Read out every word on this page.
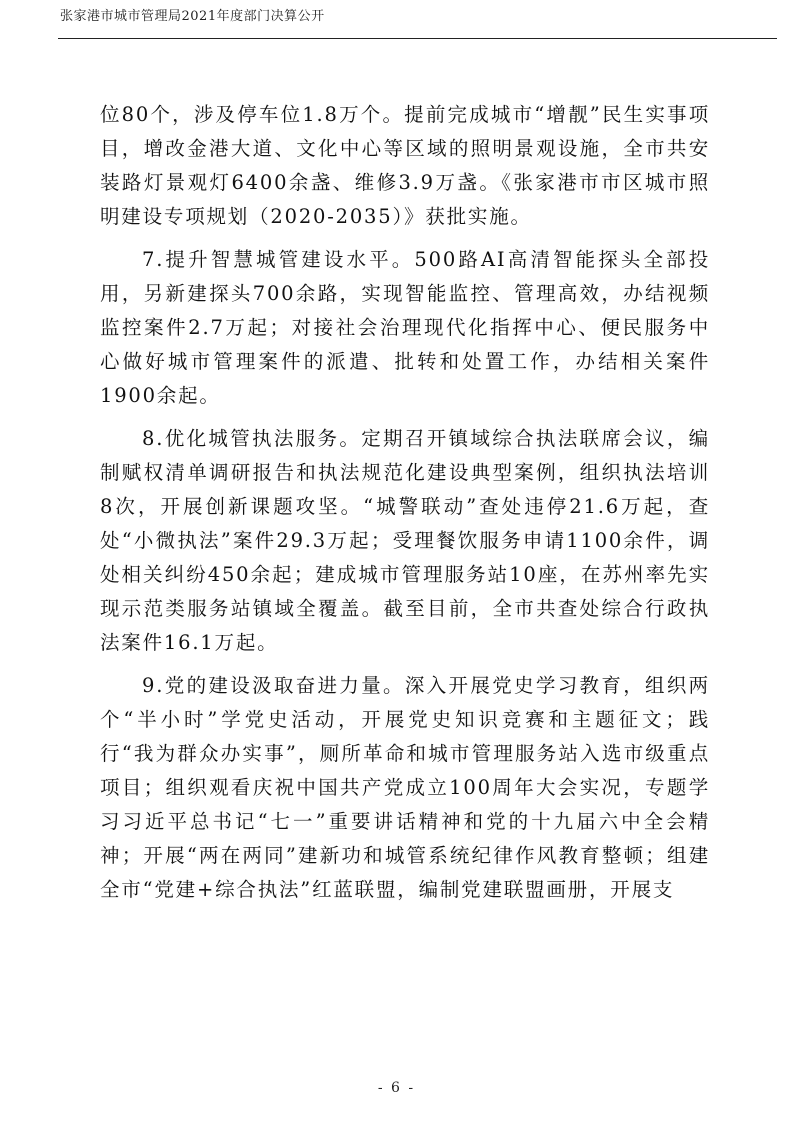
张家港市城市管理局2021年度部门决算公开

位80个，涉及停车位1.8万个。提前完成城市“增靓”民生实事项目，增改金港大道、文化中心等区域的照明景观设施，全市共安装路灯景观灯6400余盏、维修3.9万盏。《张家港市市区城市照明建设专项规划（2020-2035）》获批实施。

7.提升智慧城管建设水平。500路AI高清智能探头全部投用，另新建探头700余路，实现智能监控、管理高效，办结视频监控案件2.7万起；对接社会治理现代化指挥中心、便民服务中心做好城市管理案件的派遣、批转和处置工作，办结相关案件1900余起。

8.优化城管执法服务。定期召开镇域综合执法联席会议，编制赋权清单调研报告和执法规范化建设典型案例，组织执法培训8次，开展创新课题攻坚。“城警联动”查处违停21.6万起，查处“小微执法”案件29.3万起；受理餐饮服务申请1100余件，调处相关纠纷450余起；建成城市管理服务站10座，在苏州率先实现示范类服务站镇域全覆盖。截至目前，全市共查处综合行政执法案件16.1万起。

9.党的建设汲取奋进力量。深入开展党史学习教育，组织两个“半小时”学党史活动，开展党史知识竞赛和主题征文；践行“我为群众办实事”，厕所革命和城市管理服务站入选市级重点项目；组织观看庆祝中国共产党成立100周年大会实况，专题学习习近平总书记“七一”重要讲话精神和党的十九届六中全会精神；开展“两在两同”建新功和城管系统纪律作风教育整顿；组建全市“党建+综合执法”红蓝联盟，编制党建联盟画册，开展支

- 6 -
